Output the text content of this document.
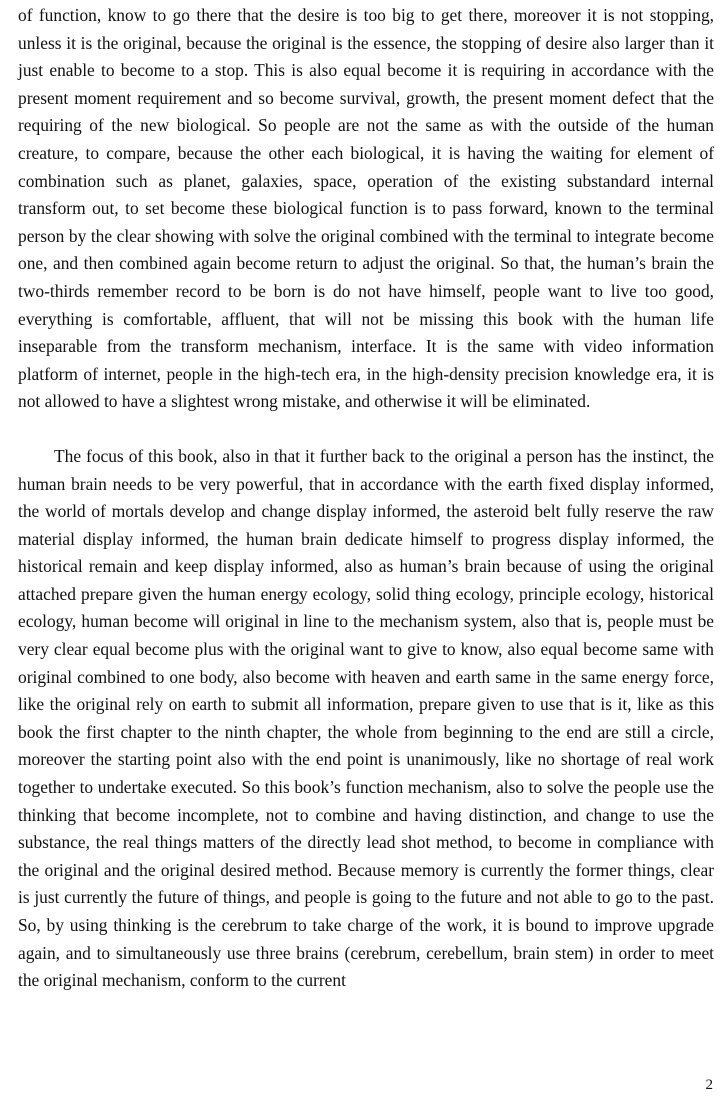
of function, know to go there that the desire is too big to get there, moreover it is not stopping, unless it is the original, because the original is the essence, the stopping of desire also larger than it just enable to become to a stop. This is also equal become it is requiring in accordance with the present moment requirement and so become survival, growth, the present moment defect that the requiring of the new biological. So people are not the same as with the outside of the human creature, to compare, because the other each biological, it is having the waiting for element of combination such as planet, galaxies, space, operation of the existing substandard internal transform out, to set become these biological function is to pass forward, known to the terminal person by the clear showing with solve the original combined with the terminal to integrate become one, and then combined again become return to adjust the original. So that, the human’s brain the two-thirds remember record to be born is do not have himself, people want to live too good, everything is comfortable, affluent, that will not be missing this book with the human life inseparable from the transform mechanism, interface. It is the same with video information platform of internet, people in the high-tech era, in the high-density precision knowledge era, it is not allowed to have a slightest wrong mistake, and otherwise it will be eliminated.

The focus of this book, also in that it further back to the original a person has the instinct, the human brain needs to be very powerful, that in accordance with the earth fixed display informed, the world of mortals develop and change display informed, the asteroid belt fully reserve the raw material display informed, the human brain dedicate himself to progress display informed, the historical remain and keep display informed, also as human’s brain because of using the original attached prepare given the human energy ecology, solid thing ecology, principle ecology, historical ecology, human become will original in line to the mechanism system, also that is, people must be very clear equal become plus with the original want to give to know, also equal become same with original combined to one body, also become with heaven and earth same in the same energy force, like the original rely on earth to submit all information, prepare given to use that is it, like as this book the first chapter to the ninth chapter, the whole from beginning to the end are still a circle, moreover the starting point also with the end point is unanimously, like no shortage of real work together to undertake executed. So this book’s function mechanism, also to solve the people use the thinking that become incomplete, not to combine and having distinction, and change to use the substance, the real things matters of the directly lead shot method, to become in compliance with the original and the original desired method. Because memory is currently the former things, clear is just currently the future of things, and people is going to the future and not able to go to the past. So, by using thinking is the cerebrum to take charge of the work, it is bound to improve upgrade again, and to simultaneously use three brains (cerebrum, cerebellum, brain stem) in order to meet the original mechanism, conform to the current

2
